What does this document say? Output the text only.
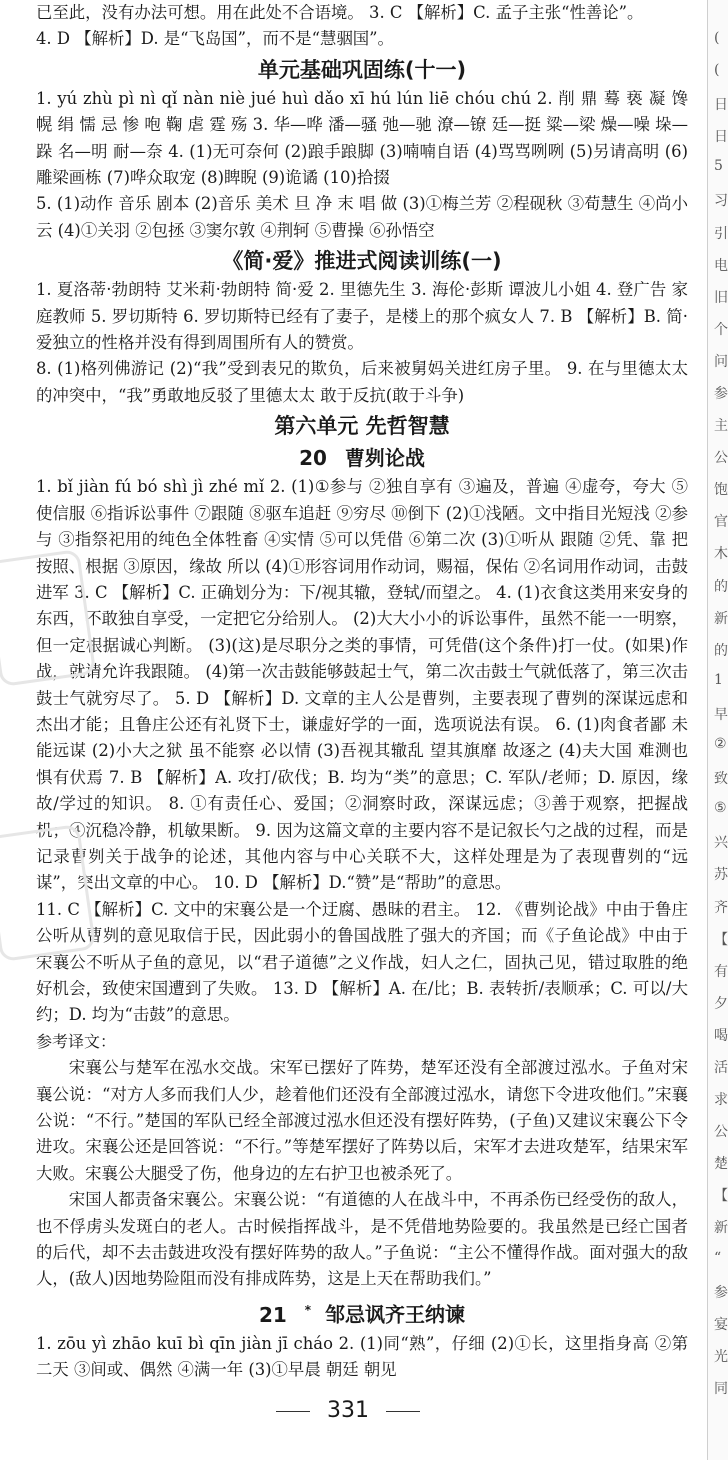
已至此，没有办法可想。用在此处不合语境。 3. C 【解析】C. 孟子主张“性善论”。

4. D 【解析】D. 是“飞岛国”，而不是“慧骃国”。

单元基础巩固练(十一)

1. yú zhù pì nì qǐ nàn niè jué huì dǎo xī hú lún liē chóu chú 2. 削 鼎 蓦 亵 凝 馋 幌 绢 懦 忌 惨 咆 鞠 虐 霆 殇 3. 华—哗 潘—骚 弛—驰 潦—镣 廷—挺 粱—梁 燥—噪 垛—跺 名—明 耐—奈 4. (1)无可奈何 (2)踉手踉脚 (3)喃喃自语 (4)骂骂咧咧 (5)另请高明 (6)雕梁画栋 (7)哗众取宠 (8)睥睨 (9)诡谲 (10)拾掇

5. (1)动作 音乐 剧本 (2)音乐 美术 旦 净 末 唱 做 (3)①梅兰芳 ②程砚秋 ③荀慧生 ④尚小云 (4)①关羽 ②包拯 ③窦尔敦 ④荆轲 ⑤曹操 ⑥孙悟空

《简·爱》推进式阅读训练(一)

1. 夏洛蒂·勃朗特 艾米莉·勃朗特 简·爱 2. 里德先生 3. 海伦·彭斯 谭波儿小姐 4. 登广告 家庭教师 5. 罗切斯特 6. 罗切斯特已经有了妻子，是楼上的那个疯女人 7. B 【解析】B. 简·爱独立的性格并没有得到周围所有人的赞赏。

8. (1)格列佛游记 (2)“我”受到表兄的欺负，后来被舅妈关进红房子里。 9. 在与里德太太的冲突中，“我”勇敢地反驳了里德太太 敢于反抗(敢于斗争)

第六单元 先哲智慧
20 曹刿论战

1. bǐ jiàn fú bó shì jì zhé mǐ 2. (1)①参与 ②独自享有 ③遍及，普遍 ④虚夸，夸大 ⑤使信服 ⑥指诉讼事件 ⑦跟随 ⑧驱车追赶 ⑨穷尽 ⑩倒下 (2)①浅陋。文中指目光短浅 ②参与 ③指祭祀用的纯色全体牲畜 ④实情 ⑤可以凭借 ⑥第二次 (3)①听从 跟随 ②凭、靠 把 按照、根据 ③原因，缘故 所以 (4)①形容词用作动词，赐福，保佑 ②名词用作动词，击鼓进军 3. C 【解析】C. 正确划分为：下/视其辙，登轼/而望之。 4. (1)衣食这类用来安身的东西，不敢独自享受，一定把它分给别人。 (2)大大小小的诉讼事件，虽然不能一一明察，但一定根据诚心判断。 (3)(这)是尽职分之类的事情，可凭借(这个条件)打一仗。(如果)作战，就请允许我跟随。 (4)第一次击鼓能够鼓起士气，第二次击鼓士气就低落了，第三次击鼓士气就穷尽了。 5. D 【解析】D. 文章的主人公是曹刿，主要表现了曹刿的深谋远虑和杰出才能；且鲁庄公还有礼贤下士，谦虚好学的一面，选项说法有误。 6. (1)肉食者鄙 未能远谋 (2)小大之狱 虽不能察 必以情 (3)吾视其辙乱 望其旗靡 故逐之 (4)夫大国 难测也 惧有伏焉 7. B 【解析】A. 攻打/砍伐；B. 均为“类”的意思；C. 军队/老师；D. 原因，缘故/学过的知识。 8. ①有责任心、爱国；②洞察时政，深谋远虑；③善于观察，把握战机；④沉稳冷静，机敏果断。 9. 因为这篇文章的主要内容不是记叙长勺之战的过程，而是记录曹刿关于战争的论述，其他内容与中心关联不大，这样处理是为了表现曹刿的“远谋”，突出文章的中心。 10. D 【解析】D.“赞”是“帮助”的意思。

11. C 【解析】C. 文中的宋襄公是一个迂腐、愚昧的君主。 12. 《曹刿论战》中由于鲁庄公听从曹刿的意见取信于民，因此弱小的鲁国战胜了强大的齐国；而《子鱼论战》中由于宋襄公不听从子鱼的意见，以“君子道德”之义作战，妇人之仁，固执己见，错过取胜的绝好机会，致使宋国遭到了失败。 13. D 【解析】A. 在/比；B. 表转折/表顺承；C. 可以/大约；D. 均为“击鼓”的意思。

参考译文：

宋襄公与楚军在泓水交战。宋军已摆好了阵势，楚军还没有全部渡过泓水。子鱼对宋襄公说：“对方人多而我们人少，趁着他们还没有全部渡过泓水，请您下令进攻他们。”宋襄公说：“不行。”楚国的军队已经全部渡过泓水但还没有摆好阵势，(子鱼)又建议宋襄公下令进攻。宋襄公还是回答说：“不行。”等楚军摆好了阵势以后，宋军才去进攻楚军，结果宋军大败。宋襄公大腿受了伤，他身边的左右护卫也被杀死了。

宋国人都责备宋襄公。宋襄公说：“有道德的人在战斗中，不再杀伤已经受伤的敌人，也不俘虏头发斑白的老人。古时候指挥战斗，是不凭借地势险要的。我虽然是已经亡国者的后代，却不去击鼓进攻没有摆好阵势的敌人。”子鱼说：“主公不懂得作战。面对强大的敌人，(敌人)因地势险阻而没有排成阵势，这是上天在帮助我们。”

21 * 邹忌讽齐王纳谏

1. zōu yì zhāo kuī bì qīn jiàn jī cháo 2. (1)同“熟”，仔细 (2)①长，这里指身高 ②第二天 ③间或、偶然 ④满一年 (3)①早晨 朝廷 朝见

(
(
日
日
5
习
引
电
旧
个
问
参
主
公
饱
官
木
的
新
的
1
早
②
致
⑤
兴
苏
齐
【
有
夕
喝
活
求
公
楚
【
新
“
参
宴
光
同
331
